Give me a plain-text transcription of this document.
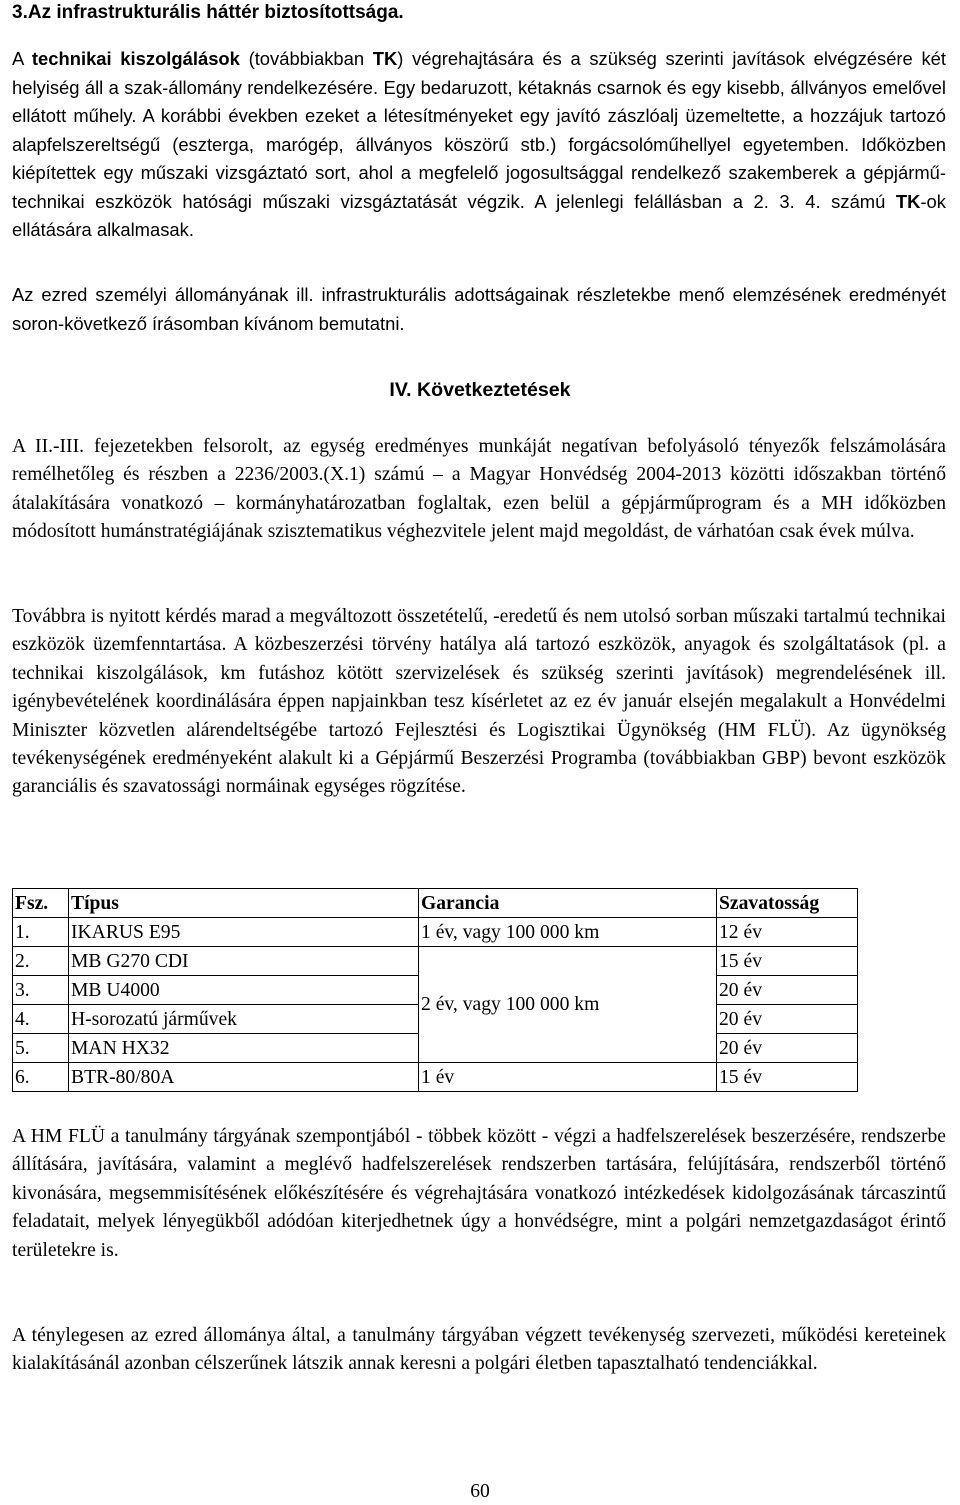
3.Az infrastrukturális háttér biztosítottsága.

A technikai kiszolgálások (továbbiakban TK) végrehajtására és a szükség szerinti javítások elvégzésére két helyiség áll a szak-állomány rendelkezésére. Egy bedaruzott, kétaknás csarnok és egy kisebb, állványos emelővel ellátott műhely. A korábbi években ezeket a létesítményeket egy javító zászlóalj üzemeltette, a hozzájuk tartozó alapfelszereltségű (eszterga, marógép, állványos köszörű stb.) forgácsolóműhellyel egyetemben. Időközben kiépítettek egy műszaki vizsgáztató sort, ahol a megfelelő jogosultsággal rendelkező szakemberek a gépjármű-technikai eszközök hatósági műszaki vizsgáztatását végzik. A jelenlegi felállásban a 2. 3. 4. számú TK-ok ellátására alkalmasak.

Az ezred személyi állományának ill. infrastrukturális adottságainak részletekbe menő elemzésének eredményét soron-következő írásomban kívánom bemutatni.

IV. Következtetések

A II.-III. fejezetekben felsorolt, az egység eredményes munkáját negatívan befolyásoló tényezők felszámolására remélhetőleg és részben a 2236/2003.(X.1) számú – a Magyar Honvédség 2004-2013 közötti időszakban történő átalakítására vonatkozó – kormányhatározatban foglaltak, ezen belül a gépjárműprogram és a MH időközben módosított humánstratégiájának szisztematikus véghezvitele jelent majd megoldást, de várhatóan csak évek múlva.

Továbbra is nyitott kérdés marad a megváltozott összetételű, -eredetű és nem utolsó sorban műszaki tartalmú technikai eszközök üzemfenntartása. A közbeszerzési törvény hatálya alá tartozó eszközök, anyagok és szolgáltatások (pl. a technikai kiszolgálások, km futáshoz kötött szervizelések és szükség szerinti javítások) megrendelésének ill. igénybevételének koordinálására éppen napjainkban tesz kísérletet az ez év január elsején megalakult a Honvédelmi Miniszter közvetlen alárendeltségébe tartozó Fejlesztési és Logisztikai Ügynökség (HM FLÜ). Az ügynökség tevékenységének eredményeként alakult ki a Gépjármű Beszerzési Programba (továbbiakban GBP) bevont eszközök garanciális és szavatossági normáinak egységes rögzítése.

Fsz.	Típus	Garancia	Szavatosság
1.	IKARUS E95	1 év, vagy 100 000 km	12 év
2.	MB G270 CDI	2 év, vagy 100 000 km	15 év
3.	MB U4000		20 év
4.	H-sorozatú járművek		20 év
5.	MAN HX32		20 év
6.	BTR-80/80A	1 év	15 év

A HM FLÜ a tanulmány tárgyának szempontjából - többek között - végzi a hadfelszerelések beszerzésére, rendszerbe állítására, javítására, valamint a meglévő hadfelszerelések rendszerben tartására, felújítására, rendszerből történő kivonására, megsemmisítésének előkészítésére és végrehajtására vonatkozó intézkedések kidolgozásának tárcaszintű feladatait, melyek lényegükből adódóan kiterjedhetnek úgy a honvédségre, mint a polgári nemzetgazdaságot érintő területekre is.

A ténylegesen az ezred állománya által, a tanulmány tárgyában végzett tevékenység szervezeti, működési kereteinek kialakításánál azonban célszerűnek látszik annak keresni a polgári életben tapasztalható tendenciákkal.

60
